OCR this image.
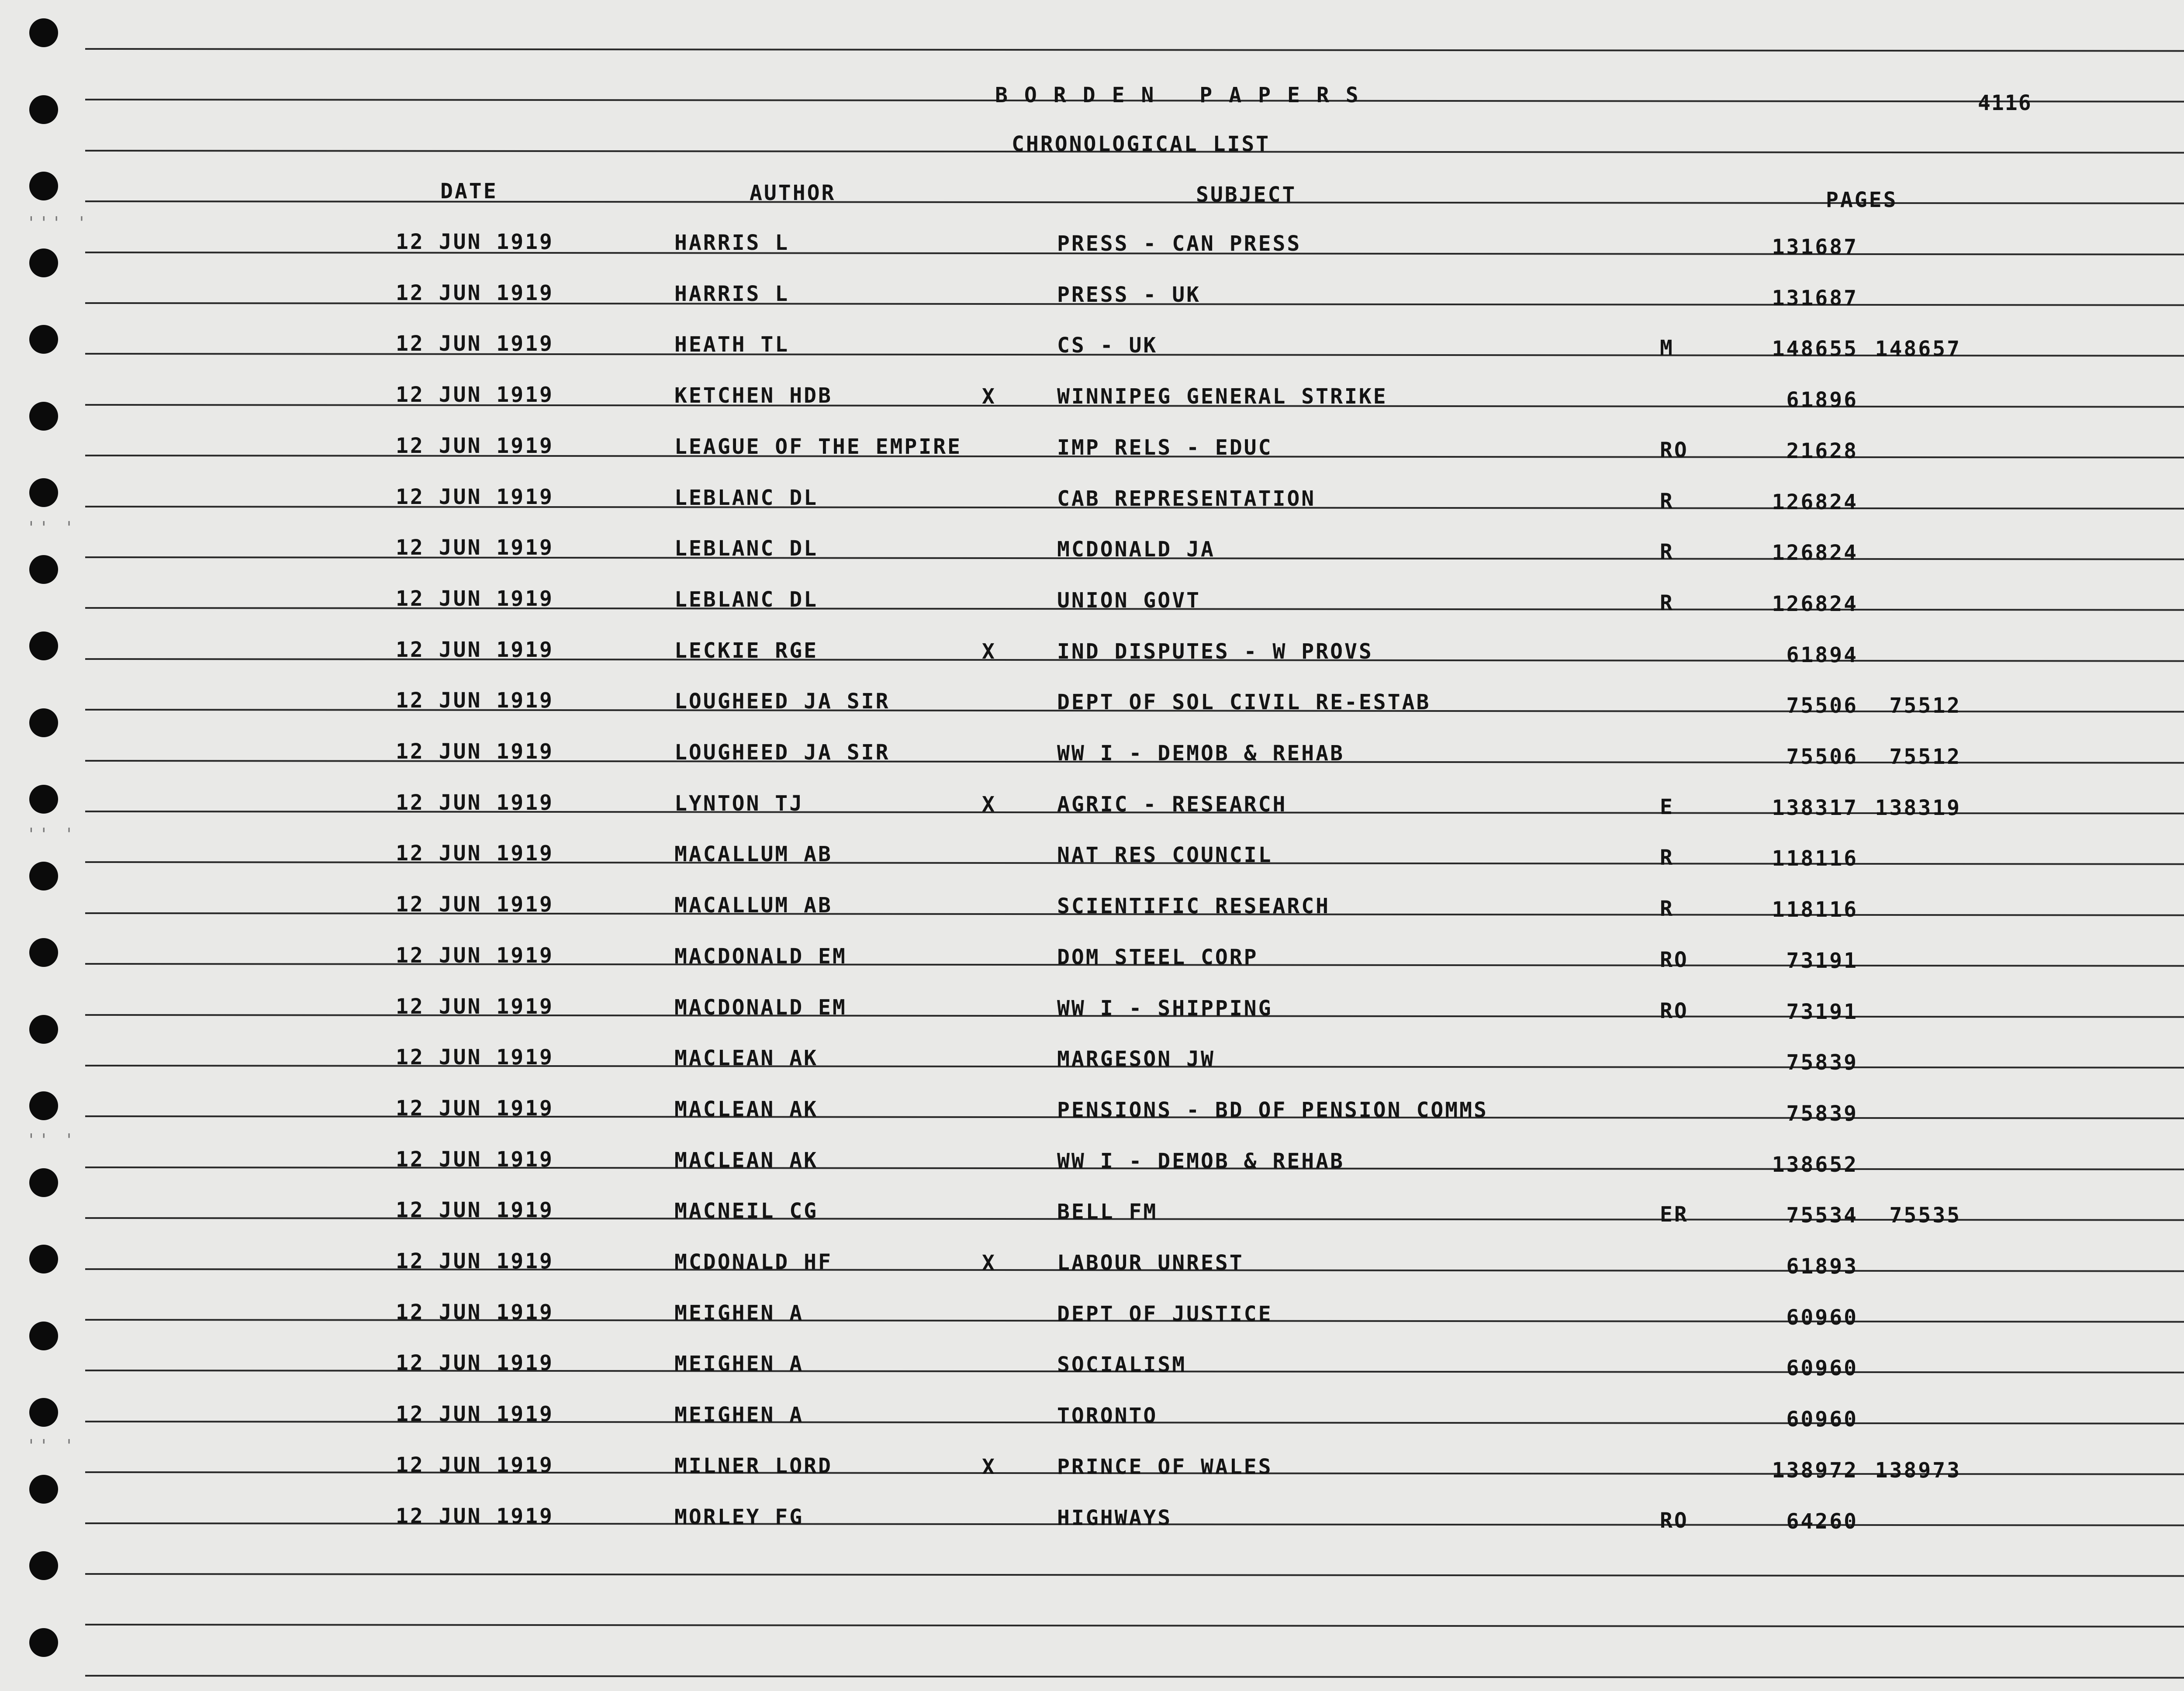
BORDEN PAPERS	4116
CHRONOLOGICAL LIST
DATE	AUTHOR	SUBJECT	PAGES
12 JUN 1919	HARRIS L	PRESS - CAN PRESS	131687
12 JUN 1919	HARRIS L	PRESS - UK	131687
12 JUN 1919	HEATH TL	CS - UK	M	148655 148657
12 JUN 1919	KETCHEN HDB	X	WINNIPEG GENERAL STRIKE	61896
12 JUN 1919	LEAGUE OF THE EMPIRE	IMP RELS - EDUC	RO	21628
12 JUN 1919	LEBLANC DL	CAB REPRESENTATION	R	126824
12 JUN 1919	LEBLANC DL	MCDONALD JA	R	126824
12 JUN 1919	LEBLANC DL	UNION GOVT	R	126824
12 JUN 1919	LECKIE RGE	X	IND DISPUTES - W PROVS	61894
12 JUN 1919	LOUGHEED JA SIR	DEPT OF SOL CIVIL RE-ESTAB	75506	75512
12 JUN 1919	LOUGHEED JA SIR	WW I - DEMOB & REHAB	75506	75512
12 JUN 1919	LYNTON TJ	X	AGRIC - RESEARCH	E	138317 138319
12 JUN 1919	MACALLUM AB	NAT RES COUNCIL	R	118116
12 JUN 1919	MACALLUM AB	SCIENTIFIC RESEARCH	R	118116
12 JUN 1919	MACDONALD EM	DOM STEEL CORP	RO	73191
12 JUN 1919	MACDONALD EM	WW I - SHIPPING	RO	73191
12 JUN 1919	MACLEAN AK	MARGESON JW	75839
12 JUN 1919	MACLEAN AK	PENSIONS - BD OF PENSION COMMS	75839
12 JUN 1919	MACLEAN AK	WW I - DEMOB & REHAB	138652
12 JUN 1919	MACNEIL CG	BELL FM	ER	75534	75535
12 JUN 1919	MCDONALD HF	X	LABOUR UNREST	61893
12 JUN 1919	MEIGHEN A	DEPT OF JUSTICE	60960
12 JUN 1919	MEIGHEN A	SOCIALISM	60960
12 JUN 1919	MEIGHEN A	TORONTO	60960
12 JUN 1919	MILNER LORD	X	PRINCE OF WALES	138972 138973
12 JUN 1919	MORLEY FG	HIGHWAYS	RO	64260
''' '
'' '
'' '
'' '
'' '
